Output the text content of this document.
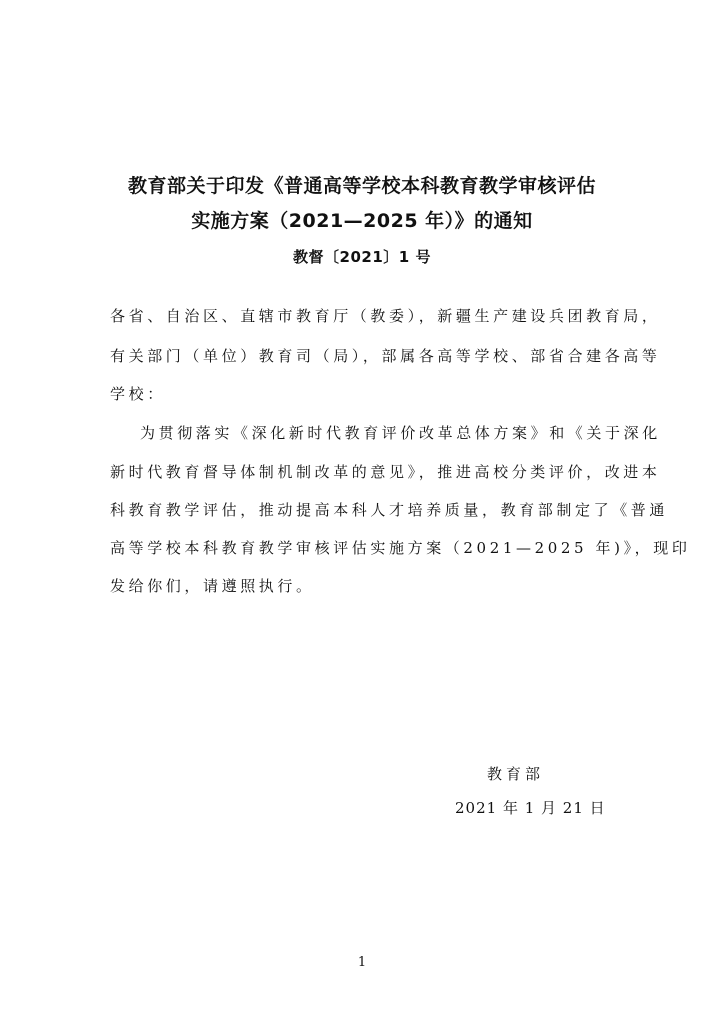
教育部关于印发《普通高等学校本科教育教学审核评估
实施方案（2021—2025 年）》的通知
教督〔2021〕1 号
各省、自治区、直辖市教育厅（教委），新疆生产建设兵团教育局，
有关部门（单位）教育司（局），部属各高等学校、部省合建各高等
学校：
为贯彻落实《深化新时代教育评价改革总体方案》和《关于深化
新时代教育督导体制机制改革的意见》，推进高校分类评价，改进本
科教育教学评估，推动提高本科人才培养质量，教育部制定了《普通
高等学校本科教育教学审核评估实施方案（2021—2025 年)》，现印
发给你们，请遵照执行。
教育部
2021 年 1 月 21 日
1
